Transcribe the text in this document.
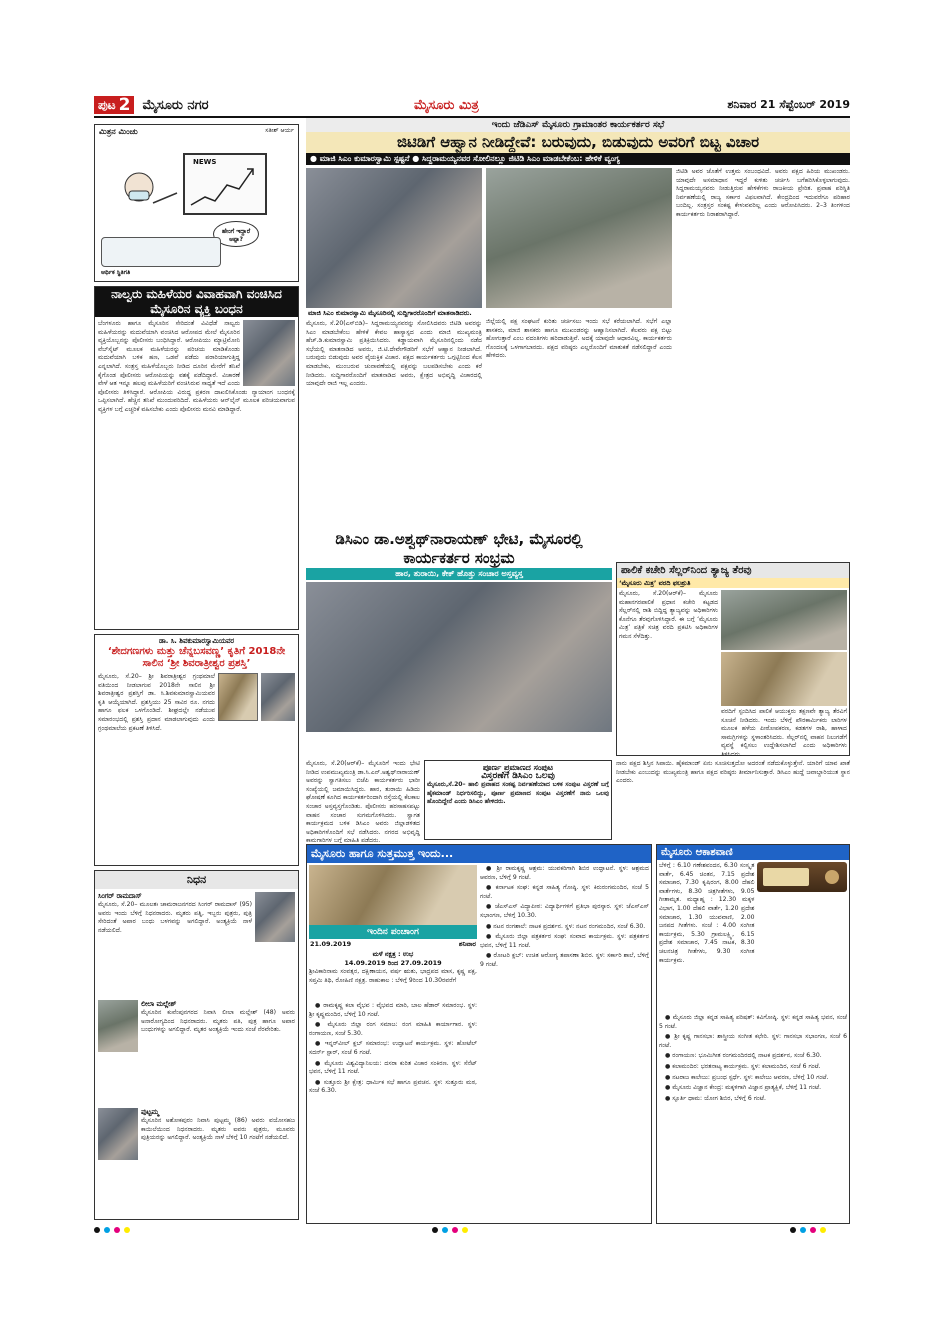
ಪುಟ 2 ಮೈಸೂರು ನಗರ	ಮೈಸೂರು ಮಿತ್ರ	ಶನಿವಾರ 21 ಸೆಪ್ಟೆಂಬರ್ 2019
ಮಿತ್ರನ ಮಿಂಚು	ಸತೀಶ್ ಆರ್ಯ
NEWS
ಹೇಂಗೆ ಇದ್ದಾರೆ ಅಪ್ಪಾ?
ಆರ್ಥಿಕ ಸ್ಥಿತಿಗತಿ
ನಾಲ್ವರು ಮಹಿಳೆಯರ ವಿವಾಹವಾಗಿ ವಂಚಿಸಿದ ಮೈಸೂರಿನ ವ್ಯಕ್ತಿ ಬಂಧನ
ಬೆಂಗಳೂರು ಹಾಗೂ ಮೈಸೂರಿನ ಸೇರಿದಂತೆ ವಿವಿಧೆಡೆ ನಾಲ್ವರು ಮಹಿಳೆಯರನ್ನು ಮದುವೆಯಾಗಿ ವಂಚಿಸಿದ ಆರೋಪದ ಮೇಲೆ ಮೈಸೂರಿನ ವ್ಯಕ್ತಿಯೊಬ್ಬನನ್ನು ಪೊಲೀಸರು ಬಂಧಿಸಿದ್ದಾರೆ. ಆರೋಪಿಯು ಮ್ಯಾಟ್ರಿಮೋನಿ ವೆಬ್‌ಸೈಟ್ ಮೂಲಕ ಮಹಿಳೆಯರನ್ನು ಪರಿಚಯ ಮಾಡಿಕೊಂಡು ಮದುವೆಯಾಗಿ ಬಳಿಕ ಹಣ, ಒಡವೆ ಪಡೆದು ಪರಾರಿಯಾಗುತ್ತಿದ್ದ ಎನ್ನಲಾಗಿದೆ. ಸಂತ್ರಸ್ತ ಮಹಿಳೆಯೊಬ್ಬರು ನೀಡಿದ ದೂರಿನ ಮೇರೆಗೆ ತನಿಖೆ ಕೈಗೊಂಡ ಪೊಲೀಸರು ಆರೋಪಿಯನ್ನು ವಶಕ್ಕೆ ಪಡೆದಿದ್ದಾರೆ. ವಿಚಾರಣೆ ವೇಳೆ ಆತ ಇನ್ನೂ ಹಲವು ಮಹಿಳೆಯರಿಗೆ ವಂಚಿಸಿರುವ ಸಾಧ್ಯತೆ ಇದೆ ಎಂದು ಪೊಲೀಸರು ತಿಳಿಸಿದ್ದಾರೆ. ಆರೋಪಿಯ ವಿರುದ್ಧ ಪ್ರಕರಣ ದಾಖಲಿಸಿಕೊಂಡು ನ್ಯಾಯಾಂಗ ಬಂಧನಕ್ಕೆ ಒಪ್ಪಿಸಲಾಗಿದೆ. ಹೆಚ್ಚಿನ ತನಿಖೆ ಮುಂದುವರಿದಿದೆ. ಮಹಿಳೆಯರು ಆನ್‌ಲೈನ್ ಮೂಲಕ ಪರಿಚಯವಾಗುವ ವ್ಯಕ್ತಿಗಳ ಬಗ್ಗೆ ಎಚ್ಚರಿಕೆ ವಹಿಸಬೇಕು ಎಂದು ಪೊಲೀಸರು ಮನವಿ ಮಾಡಿದ್ದಾರೆ.
ಡಾ. ಸಿ. ಶಿವಕುಮಾರಸ್ವಾಮಿಯವರ
‘ಶೇದಗಣಗಳು ಮತ್ತು ಚೆನ್ನಬಸವಣ್ಣ’ ಕೃತಿಗೆ 2018ನೇ ಸಾಲಿನ ‘ಶ್ರೀ ಶಿವರಾತ್ರೀಶ್ವರ ಪ್ರಶಸ್ತಿ’
ಮೈಸೂರು, ಸೆ.20– ಶ್ರೀ ಶಿವರಾತ್ರೀಶ್ವರ ಗ್ರಂಥಮಾಲೆ ವತಿಯಿಂದ ನೀಡಲಾಗುವ 2018ನೇ ಸಾಲಿನ ಶ್ರೀ ಶಿವರಾತ್ರೀಶ್ವರ ಪ್ರಶಸ್ತಿಗೆ ಡಾ. ಸಿ.ಶಿವಕುಮಾರಸ್ವಾಮಿಯವರ ಕೃತಿ ಆಯ್ಕೆಯಾಗಿದೆ. ಪ್ರಶಸ್ತಿಯು 25 ಸಾವಿರ ರೂ. ನಗದು ಹಾಗೂ ಫಲಕ ಒಳಗೊಂಡಿದೆ. ಶೀಘ್ರದಲ್ಲೇ ನಡೆಯುವ ಸಮಾರಂಭದಲ್ಲಿ ಪ್ರಶಸ್ತಿ ಪ್ರದಾನ ಮಾಡಲಾಗುವುದು ಎಂದು ಗ್ರಂಥಮಾಲೆಯ ಪ್ರಕಟಣೆ ತಿಳಿಸಿದೆ.
ನಿಧನ
ಸಿಂಗರ್ ರಾಮದಾಸ್
ಮೈಸೂರು, ಸೆ.20– ಮೂಲತಃ ಚಾಮರಾಜನಗರದ ಸಿಂಗರ್ ರಾಮದಾಸ್ (95) ಅವರು ಇಂದು ಬೆಳಿಗ್ಗೆ ನಿಧನರಾದರು. ಮೃತರು ಪತ್ನಿ, ಇಬ್ಬರು ಪುತ್ರರು, ಪುತ್ರಿ ಸೇರಿದಂತೆ ಅಪಾರ ಬಂಧು ಬಳಗವನ್ನು ಅಗಲಿದ್ದಾರೆ. ಅಂತ್ಯಕ್ರಿಯೆ ನಾಳೆ ನಡೆಯಲಿದೆ.
ಲೀಲಾ ಮಲ್ಲೇಶ್
ಮೈಸೂರಿನ ಕುವೆಂಪುನಗರದ ನಿವಾಸಿ ಲೀಲಾ ಮಲ್ಲೇಶ್ (48) ಅವರು ಅನಾರೋಗ್ಯದಿಂದ ನಿಧನರಾದರು. ಮೃತರು ಪತಿ, ಪುತ್ರ ಹಾಗೂ ಅಪಾರ ಬಂಧುಗಳನ್ನು ಅಗಲಿದ್ದಾರೆ. ಮೃತರ ಅಂತ್ಯಕ್ರಿಯೆ ಇಂದು ಸಂಜೆ ನೆರವೇರಿತು.
ಪುಟ್ಟಮ್ಮ
ಮೈಸೂರಿನ ಅಶೋಕಪುರಂ ನಿವಾಸಿ ಪುಟ್ಟಮ್ಮ (86) ಅವರು ವಯೋಸಹಜ ಕಾಯಿಲೆಯಿಂದ ನಿಧನರಾದರು. ಮೃತರು ಐವರು ಪುತ್ರರು, ಮೂವರು ಪುತ್ರಿಯರನ್ನು ಅಗಲಿದ್ದಾರೆ. ಅಂತ್ಯಕ್ರಿಯೆ ನಾಳೆ ಬೆಳಿಗ್ಗೆ 10 ಗಂಟೆಗೆ ನಡೆಯಲಿದೆ.
ಇಂದು ಜೆಡಿಎಸ್ ಮೈಸೂರು ಗ್ರಾಮಾಂತರ ಕಾರ್ಯಕರ್ತರ ಸಭೆ
ಜಿಟಿಡಿಗೆ ಆಹ್ವಾನ ನೀಡಿದ್ದೇವೆ: ಬರುವುದು, ಬಿಡುವುದು ಅವರಿಗೆ ಬಿಟ್ಟ ವಿಚಾರ
● ಮಾಜಿ ಸಿಎಂ ಕುಮಾರಸ್ವಾಮಿ ಸ್ಪಷ್ಟನೆ ● ಸಿದ್ದರಾಮಯ್ಯನವರ ಸೋಲಿನಲ್ಲೂ ಜಿಟಿಡಿ ಸಿಎಂ ಮಾಡಬೇಕೆಂಬ: ಹೇಳಿಕೆ ವ್ಯಂಗ್ಯ
ಮಾಜಿ ಸಿಎಂ ಕುಮಾರಸ್ವಾಮಿ ಮೈಸೂರಿನಲ್ಲಿ ಸುದ್ದಿಗಾರರೊಂದಿಗೆ ಮಾತನಾಡಿದರು.
ಮೈಸೂರು, ಸೆ.20(ಎಸ್‌ಬಿಡಿ)– ಸಿದ್ದರಾಮಯ್ಯನವರನ್ನು ಸೋಲಿಸಿದವರು ಜಿಟಿಡಿ ಅವರನ್ನು ಸಿಎಂ ಮಾಡಬೇಕೆಂಬ ಹೇಳಿಕೆ ಕೇವಲ ಹಾಸ್ಯಾಸ್ಪದ ಎಂದು ಮಾಜಿ ಮುಖ್ಯಮಂತ್ರಿ ಹೆಚ್.ಡಿ.ಕುಮಾರಸ್ವಾಮಿ ಪ್ರತಿಕ್ರಿಯಿಸಿದರು. ಕಡ್ಡಾಯವಾಗಿ ಮೈಸೂರಿನಲ್ಲಿಂದು ನಡೆದ ಸಭೆಯಲ್ಲಿ ಮಾತನಾಡಿದ ಅವರು, ಜಿ.ಟಿ.ದೇವೇಗೌಡರಿಗೆ ಸಭೆಗೆ ಆಹ್ವಾನ ನೀಡಲಾಗಿದೆ. ಬರುವುದು ಬಿಡುವುದು ಅವರ ವೈಯಕ್ತಿಕ ವಿಚಾರ. ಪಕ್ಷದ ಕಾರ್ಯಕರ್ತರು ಒಗ್ಗಟ್ಟಿನಿಂದ ಕೆಲಸ ಮಾಡಬೇಕು, ಮುಂಬರುವ ಚುನಾವಣೆಯಲ್ಲಿ ಪಕ್ಷವನ್ನು ಬಲಪಡಿಸಬೇಕು ಎಂದು ಕರೆ ನೀಡಿದರು. ಸುದ್ದಿಗಾರರೊಂದಿಗೆ ಮಾತನಾಡಿದ ಅವರು, ಕ್ಷೇತ್ರದ ಅಭಿವೃದ್ಧಿ ವಿಚಾರದಲ್ಲಿ ಯಾವುದೇ ರಾಜಿ ಇಲ್ಲ ಎಂದರು.
ಜಿಲ್ಲೆಯಲ್ಲಿ ಪಕ್ಷ ಸಂಘಟನೆ ಕುರಿತು ಚರ್ಚಿಸಲು ಇಂದು ಸಭೆ ಕರೆಯಲಾಗಿದೆ. ಸಭೆಗೆ ಎಲ್ಲಾ ಶಾಸಕರು, ಮಾಜಿ ಶಾಸಕರು ಹಾಗೂ ಮುಖಂಡರನ್ನು ಆಹ್ವಾನಿಸಲಾಗಿದೆ. ಕೆಲವರು ಪಕ್ಷ ಬಿಟ್ಟು ಹೋಗುತ್ತಾರೆ ಎಂಬ ವದಂತಿಗಳು ಹರಿದಾಡುತ್ತಿವೆ. ಅದಕ್ಕೆ ಯಾವುದೇ ಆಧಾರವಿಲ್ಲ. ಕಾರ್ಯಕರ್ತರು ಗೊಂದಲಕ್ಕೆ ಒಳಗಾಗಬಾರದು. ಪಕ್ಷದ ವರಿಷ್ಠರು ಎಲ್ಲರೊಂದಿಗೆ ಮಾತುಕತೆ ನಡೆಸಲಿದ್ದಾರೆ ಎಂದು ಹೇಳಿದರು.
ಜಿಟಿಡಿ ಅವರ ಜೊತೆಗೆ ಉತ್ತಮ ಸಂಬಂಧವಿದೆ. ಅವರು ಪಕ್ಷದ ಹಿರಿಯ ಮುಖಂಡರು. ಯಾವುದೇ ಅಸಮಾಧಾನ ಇದ್ದರೆ ಕುಳಿತು ಚರ್ಚಿಸಿ ಬಗೆಹರಿಸಿಕೊಳ್ಳಲಾಗುವುದು. ಸಿದ್ದರಾಮಯ್ಯನವರು ನೀಡುತ್ತಿರುವ ಹೇಳಿಕೆಗಳು ರಾಜಕೀಯ ಪ್ರೇರಿತ. ಪ್ರವಾಹ ಪರಿಸ್ಥಿತಿ ನಿರ್ವಹಣೆಯಲ್ಲಿ ರಾಜ್ಯ ಸರ್ಕಾರ ವಿಫಲವಾಗಿದೆ. ಕೇಂದ್ರದಿಂದ ಇದುವರೆಗೂ ಪರಿಹಾರ ಬಂದಿಲ್ಲ. ಸಂತ್ರಸ್ತರ ಸಂಕಷ್ಟ ಕೇಳುವವರಿಲ್ಲ ಎಂದು ಆರೋಪಿಸಿದರು. 2–3 ತಿಂಗಳಿಂದ ಕಾರ್ಯಕರ್ತರು ನಿರಾಶರಾಗಿದ್ದಾರೆ.
ಡಿಸಿಎಂ ಡಾ.ಅಶ್ವಥ್‌ನಾರಾಯಣ್ ಭೇಟಿ, ಮೈಸೂರಲ್ಲಿ ಕಾರ್ಯಕರ್ತರ ಸಂಭ್ರಮ
ಹಾರ, ತುರಾಯಿ, ಕೇಕ್ ಹೊತ್ತು ಸಂಚಾರ ಅಸ್ತವ್ಯಸ್ತ	ಪಾಲಿಕೆ ಕಚೇರಿ ಸೆಲ್ಲರ್‌ನಿಂದ ತ್ಯಾಜ್ಯ ತೆರವು
‘ಮೈಸೂರು ಮಿತ್ರ’ ವರದಿ ಫಲಶ್ರುತಿ
ಮೈಸೂರು, ಸೆ.20(ಆರ್‌ಕೆ)– ಮೈಸೂರು ಮಹಾನಗರಪಾಲಿಕೆ ಪ್ರಧಾನ ಕಚೇರಿ ಕಟ್ಟಡದ ಸೆಲ್ಲರ್‌ನಲ್ಲಿ ರಾಶಿ ಬಿದ್ದಿದ್ದ ತ್ಯಾಜ್ಯವನ್ನು ಅಧಿಕಾರಿಗಳು ಕೊನೆಗೂ ತೆರವುಗೊಳಿಸಿದ್ದಾರೆ. ಈ ಬಗ್ಗೆ ‘ಮೈಸೂರು ಮಿತ್ರ’ ಪತ್ರಿಕೆ ಸಚಿತ್ರ ವರದಿ ಪ್ರಕಟಿಸಿ ಅಧಿಕಾರಿಗಳ ಗಮನ ಸೆಳೆದಿತ್ತು.
ವರದಿಗೆ ಸ್ಪಂದಿಸಿದ ಪಾಲಿಕೆ ಆಯುಕ್ತರು ತಕ್ಷಣವೇ ತ್ಯಾಜ್ಯ ತೆರವಿಗೆ ಸೂಚನೆ ನೀಡಿದರು. ಇಂದು ಬೆಳಿಗ್ಗೆ ಪೌರಕಾರ್ಮಿಕರು ಲಾರಿಗಳ ಮೂಲಕ ಹಳೆಯ ಪೀಠೋಪಕರಣ, ಕಡತಗಳ ರಾಶಿ, ಹಾಳಾದ ಸಾಮಗ್ರಿಗಳನ್ನು ಸ್ಥಳಾಂತರಿಸಿದರು. ಸೆಲ್ಲರ್‌ನಲ್ಲಿ ವಾಹನ ನಿಲುಗಡೆಗೆ ವ್ಯವಸ್ಥೆ ಕಲ್ಪಿಸಲು ಉದ್ದೇಶಿಸಲಾಗಿದೆ ಎಂದು ಅಧಿಕಾರಿಗಳು ತಿಳಿಸಿದರು.
ಮೈಸೂರು, ಸೆ.20(ಆರ್‌ಕೆ)– ಮೈಸೂರಿಗೆ ಇಂದು ಭೇಟಿ ನೀಡಿದ ಉಪಮುಖ್ಯಮಂತ್ರಿ ಡಾ.ಸಿ.ಎನ್.ಅಶ್ವಥ್‌ನಾರಾಯಣ್ ಅವರನ್ನು ಸ್ವಾಗತಿಸಲು ಬಿಜೆಪಿ ಕಾರ್ಯಕರ್ತರು ಭಾರೀ ಸಂಖ್ಯೆಯಲ್ಲಿ ಜಮಾಯಿಸಿದ್ದರು. ಹಾರ, ತುರಾಯಿ ಹಿಡಿದು ಘೋಷಣೆ ಕೂಗಿದ ಕಾರ್ಯಕರ್ತರಿಂದಾಗಿ ರಸ್ತೆಯಲ್ಲಿ ಕೆಲಕಾಲ ಸಂಚಾರ ಅಸ್ತವ್ಯಸ್ತಗೊಂಡಿತು. ಪೊಲೀಸರು ಹರಸಾಹಸಪಟ್ಟು ವಾಹನ ಸಂಚಾರ ಸುಗಮಗೊಳಿಸಿದರು. ಸ್ವಾಗತ ಕಾರ್ಯಕ್ರಮದ ಬಳಿಕ ಡಿಸಿಎಂ ಅವರು ಜಿಲ್ಲಾಡಳಿತದ ಅಧಿಕಾರಿಗಳೊಂದಿಗೆ ಸಭೆ ನಡೆಸಿದರು. ನಗರದ ಅಭಿವೃದ್ಧಿ ಕಾಮಗಾರಿಗಳ ಬಗ್ಗೆ ಮಾಹಿತಿ ಪಡೆದರು.
ಪೂರ್ಣ ಪ್ರಮಾಣದ ಸಂಪುಟ
ವಿಸ್ತರಣೆಗೆ ಡಿಸಿಎಂ ಒಲವು
ಮೈಸೂರು,ಸೆ.20– ಹಾಲಿ ಪ್ರವಾಹದ ಸಂಕಷ್ಟ ನಿರ್ವಹಣೆಯಾದ ಬಳಿಕ ಸಂಪುಟ ವಿಸ್ತರಣೆ ಬಗ್ಗೆ ಹೈಕಮಾಂಡ್ ನಿರ್ಧರಿಸಲಿದ್ದು, ಪೂರ್ಣ ಪ್ರಮಾಣದ ಸಂಪುಟ ವಿಸ್ತರಣೆಗೆ ನಾನು ಒಲವು ಹೊಂದಿದ್ದೇನೆ ಎಂದು ಡಿಸಿಎಂ ಹೇಳಿದರು.
ನಾನು ಪಕ್ಷದ ಶಿಸ್ತಿನ ಸಿಪಾಯಿ. ಹೈಕಮಾಂಡ್ ಏನು ಸೂಚಿಸುತ್ತದೋ ಅದರಂತೆ ನಡೆದುಕೊಳ್ಳುತ್ತೇನೆ. ಯಾರಿಗೆ ಯಾವ ಖಾತೆ ನೀಡಬೇಕು ಎಂಬುದನ್ನು ಮುಖ್ಯಮಂತ್ರಿ ಹಾಗೂ ಪಕ್ಷದ ವರಿಷ್ಠರು ತೀರ್ಮಾನಿಸುತ್ತಾರೆ. ಡಿಸಿಎಂ ಹುದ್ದೆ ಜವಾಬ್ದಾರಿಯುತ ಸ್ಥಾನ ಎಂದರು.
ಮೈಸೂರು ಹಾಗೂ ಸುತ್ತಮುತ್ತ ಇಂದು...
ಇಂದಿನ ಪಂಚಾಂಗ
21.09.2019	ಶನಿವಾರ
ಮಳೆ ನಕ್ಷತ್ರ : ಉಭ
14.09.2019 ರಿಂದ 27.09.2019
ಶ್ರೀವಿಕಾರಿನಾಮ ಸಂವತ್ಸರ, ದಕ್ಷಿಣಾಯನ, ವರ್ಷ ಋತು, ಭಾದ್ರಪದ ಮಾಸ, ಕೃಷ್ಣ ಪಕ್ಷ, ಸಪ್ತಮಿ ತಿಥಿ, ರೋಹಿಣಿ ನಕ್ಷತ್ರ. ರಾಹುಕಾಲ : ಬೆಳಿಗ್ಗೆ 9ರಿಂದ 10.30ರವರೆಗೆ

● ರಾಮಕೃಷ್ಣ ಕಲಾ ವೈಭವ : ವೈಭವದ ಮಾರಿ, ಬಾಲ ಹೆಡಾರ್ ಸಮಾರಂಭ. ಸ್ಥಳ: ಶ್ರೀ ಕೃಷ್ಣಮಂದಿರ, ಬೆಳಿಗ್ಗೆ 10 ಗಂಟೆ.

● ಮೈಸೂರು ಜಿಲ್ಲಾ ರಂಗ ಸಮಾಜ: ರಂಗ ಮಾಹಿತಿ ಕಾರ್ಯಾಗಾರ. ಸ್ಥಳ: ರಂಗಾಯಣ, ಸಂಜೆ 5.30.

● ಇನ್ನರ್‌ವೀಲ್ ಕ್ಲಬ್ ಸಮಾರಂಭ: ಉದ್ಘಾಟನೆ ಕಾರ್ಯಕ್ರಮ. ಸ್ಥಳ: ಹೋಟೆಲ್ ಸದರ್ನ್ ಸ್ಟಾರ್, ಸಂಜೆ 6 ಗಂಟೆ.

● ಮೈಸೂರು ವಿಶ್ವವಿದ್ಯಾನಿಲಯ: ದಸರಾ ಕುರಿತ ವಿಚಾರ ಸಂಕಿರಣ. ಸ್ಥಳ: ಸೆನೆಟ್ ಭವನ, ಬೆಳಿಗ್ಗೆ 11 ಗಂಟೆ.

● ಸುತ್ತೂರು ಶ್ರೀ ಕ್ಷೇತ್ರ: ಧಾರ್ಮಿಕ ಸಭೆ ಹಾಗೂ ಪ್ರವಚನ. ಸ್ಥಳ: ಸುತ್ತೂರು ಮಠ, ಸಂಜೆ 6.30.

● ಶ್ರೀ ರಾಮಕೃಷ್ಣ ಆಶ್ರಮ: ಯುವಕರಿಗಾಗಿ ಶಿಬಿರ ಉದ್ಘಾಟನೆ. ಸ್ಥಳ: ಆಶ್ರಮದ ಆವರಣ, ಬೆಳಿಗ್ಗೆ 9 ಗಂಟೆ.

● ಕರ್ನಾಟಕ ಸಂಘ: ಕನ್ನಡ ಸಾಹಿತ್ಯ ಗೋಷ್ಠಿ. ಸ್ಥಳ: ಕಿರುರಂಗಮಂದಿರ, ಸಂಜೆ 5 ಗಂಟೆ.

● ಜೆಎಸ್‌ಎಸ್ ವಿದ್ಯಾಪೀಠ: ವಿದ್ಯಾರ್ಥಿಗಳಿಗೆ ಪ್ರತಿಭಾ ಪುರಸ್ಕಾರ. ಸ್ಥಳ: ಜೆಎಸ್‌ಎಸ್ ಸಭಾಂಗಣ, ಬೆಳಿಗ್ಗೆ 10.30.

● ನಟನ ರಂಗಶಾಲೆ: ನಾಟಕ ಪ್ರದರ್ಶನ. ಸ್ಥಳ: ನಟನ ರಂಗಮಂದಿರ, ಸಂಜೆ 6.30.

● ಮೈಸೂರು ಜಿಲ್ಲಾ ಪತ್ರಕರ್ತರ ಸಂಘ: ಸಂವಾದ ಕಾರ್ಯಕ್ರಮ. ಸ್ಥಳ: ಪತ್ರಕರ್ತರ ಭವನ, ಬೆಳಿಗ್ಗೆ 11 ಗಂಟೆ.

● ರೋಟರಿ ಕ್ಲಬ್: ಉಚಿತ ಆರೋಗ್ಯ ತಪಾಸಣಾ ಶಿಬಿರ. ಸ್ಥಳ: ಸರ್ಕಾರಿ ಶಾಲೆ, ಬೆಳಿಗ್ಗೆ 9 ಗಂಟೆ.

ಮೈಸೂರು ಆಕಾಶವಾಣಿ
ಬೆಳಿಗ್ಗೆ : 6.10 ಗಣೇಶವಂದನ, 6.30 ಸಂಸ್ಕೃತ ವಾರ್ತೆ, 6.45 ಚಿಂತನ, 7.15 ಪ್ರದೇಶ ಸಮಾಚಾರ, 7.30 ಕೃಷಿರಂಗ, 8.00 ದೆಹಲಿ ವಾರ್ತೆಗಳು, 8.30 ಚಿತ್ರಗೀತೆಗಳು, 9.05 ಗೀತಾಮೃತ. ಮಧ್ಯಾಹ್ನ : 12.30 ಮಕ್ಕಳ ವಿಭಾಗ, 1.00 ದೆಹಲಿ ವಾರ್ತೆ, 1.20 ಪ್ರದೇಶ ಸಮಾಚಾರ, 1.30 ಯುವವಾಣಿ, 2.00 ಜನಪದ ಗೀತೆಗಳು. ಸಂಜೆ : 4.00 ಸಂಗೀತ ಕಾರ್ಯಕ್ರಮ, 5.30 ಗ್ರಾಮಲಕ್ಷ್ಮಿ, 6.15 ಪ್ರದೇಶ ಸಮಾಚಾರ, 7.45 ನಾಟಕ, 8.30 ಚಲನಚಿತ್ರ ಗೀತೆಗಳು, 9.30 ಸಂಗೀತ ಕಾರ್ಯಕ್ರಮ.

● ಮೈಸೂರು ಜಿಲ್ಲಾ ಕನ್ನಡ ಸಾಹಿತ್ಯ ಪರಿಷತ್: ಕವಿಗೋಷ್ಠಿ. ಸ್ಥಳ: ಕನ್ನಡ ಸಾಹಿತ್ಯ ಭವನ, ಸಂಜೆ 5 ಗಂಟೆ.

● ಶ್ರೀ ಕೃಷ್ಣ ಗಾನಸಭಾ: ಶಾಸ್ತ್ರೀಯ ಸಂಗೀತ ಕಛೇರಿ. ಸ್ಥಳ: ಗಾನಸಭಾ ಸಭಾಂಗಣ, ಸಂಜೆ 6 ಗಂಟೆ.

● ರಂಗಾಯಣ: ಭೂಮಿಗೀತ ರಂಗಮಂದಿರದಲ್ಲಿ ನಾಟಕ ಪ್ರದರ್ಶನ, ಸಂಜೆ 6.30.

● ಕಲಾಮಂದಿರ: ಭರತನಾಟ್ಯ ಕಾರ್ಯಕ್ರಮ. ಸ್ಥಳ: ಕಲಾಮಂದಿರ, ಸಂಜೆ 6 ಗಂಟೆ.

● ನಟರಾಜ ಕಾಲೇಜು: ಪ್ರಬಂಧ ಸ್ಪರ್ಧೆ. ಸ್ಥಳ: ಕಾಲೇಜು ಆವರಣ, ಬೆಳಿಗ್ಗೆ 10 ಗಂಟೆ.

● ಮೈಸೂರು ವಿಜ್ಞಾನ ಕೇಂದ್ರ: ಮಕ್ಕಳಿಗಾಗಿ ವಿಜ್ಞಾನ ಪ್ರಾತ್ಯಕ್ಷಿಕೆ, ಬೆಳಿಗ್ಗೆ 11 ಗಂಟೆ.

● ಸ್ಪೂರ್ತಿ ಧಾಮ: ಯೋಗ ಶಿಬಿರ, ಬೆಳಿಗ್ಗೆ 6 ಗಂಟೆ.
